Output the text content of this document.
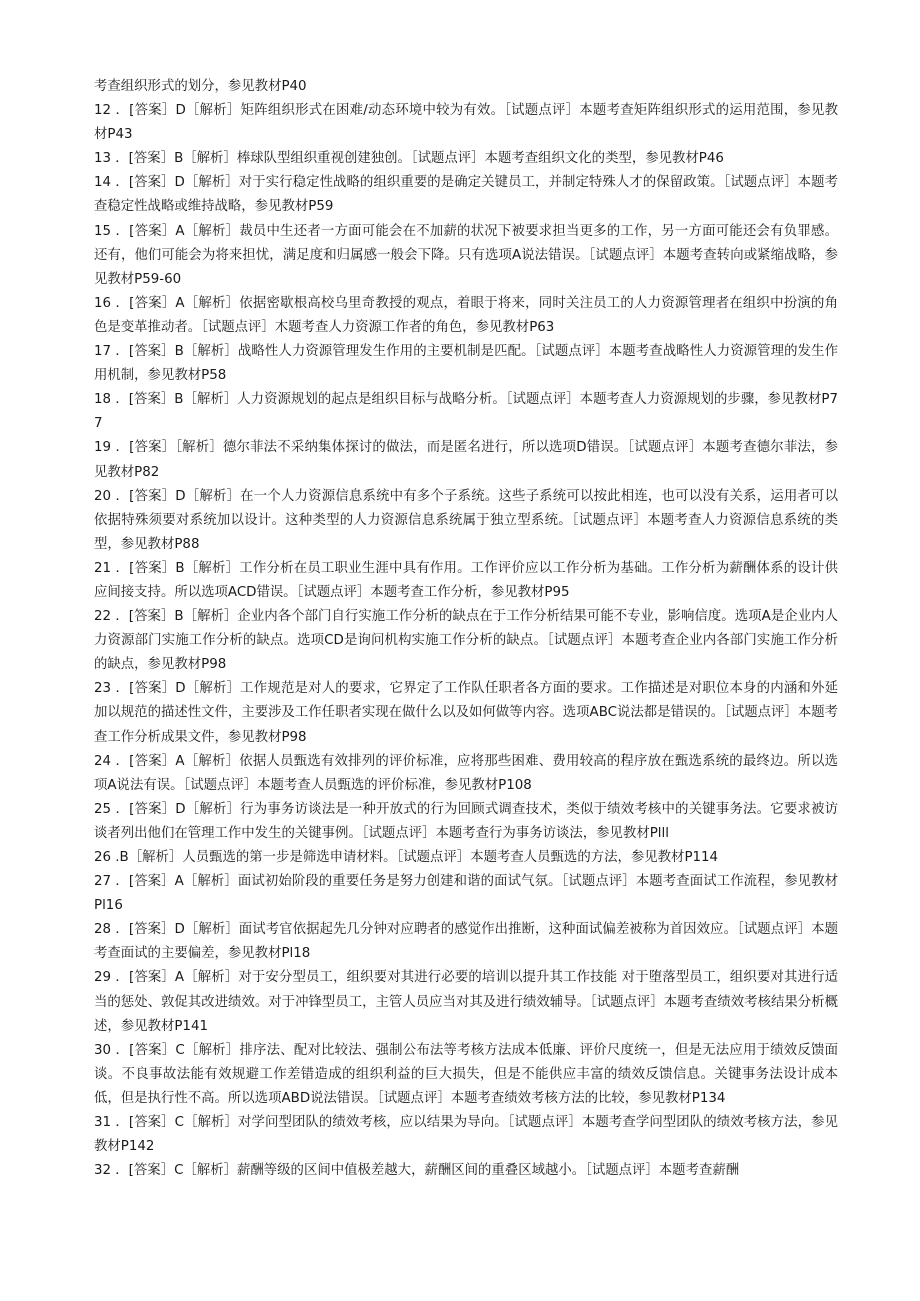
考查组织形式的划分，参见教材P40

12 ．[答案］D［解析］矩阵组织形式在困难/动态环境中较为有效。［试题点评］本题考查矩阵组织形式的运用范围，参见教材P43

13 ．[答案］B［解析］棒球队型组织重视创建独创。［试题点评］本题考查组织文化的类型，参见教材P46

14 ．[答案］D［解析］对于实行稳定性战略的组织重要的是确定关键员工，并制定特殊人才的保留政策。［试题点评］本题考查稳定性战略或维持战略，参见教材P59

15 ．[答案］A［解析］裁员中生还者一方面可能会在不加薪的状况下被要求担当更多的工作，另一方面可能还会有负罪感。还有，他们可能会为将来担忧，满足度和归属感一般会下降。只有选项A说法错误。［试题点评］本题考查转向或紧缩战略，参见教材P59-60

16 ．[答案］A［解析］依据密歇根高校乌里奇教授的观点，着眼于将来，同时关注员工的人力资源管理者在组织中扮演的角色是变革推动者。［试题点评］木题考查人力资源工作者的角色，参见教材P63

17 ．[答案］B［解析］战略性人力资源管理发生作用的主要机制是匹配。［试题点评］本题考查战略性人力资源管理的发生作用机制，参见教材P58

18 ．[答案］B［解析］人力资源规划的起点是组织目标与战略分析。［试题点评］本题考查人力资源规划的步骤，参见教材P77

19 ．[答案］［解析］德尔菲法不采纳集体探讨的做法，而是匿名进行，所以选项D错误。［试题点评］本题考查德尔菲法，参见教材P82

20 ．[答案］D［解析］在一个人力资源信息系统中有多个子系统。这些子系统可以按此相连，也可以没有关系，运用者可以依据特殊须要对系统加以设计。这种类型的人力资源信息系统属于独立型系统。［试题点评］本题考查人力资源信息系统的类型，参见教材P88

21 ．[答案］B［解析］工作分析在员工职业生涯中具有作用。工作评价应以工作分析为基础。工作分析为薪酬体系的设计供应间接支持。所以选项ACD错误。［试题点评］本题考查工作分析，参见教材P95

22 ．[答案］B［解析］企业内各个部门自行实施工作分析的缺点在于工作分析结果可能不专业，影响信度。选项A是企业内人力资源部门实施工作分析的缺点。选项CD是询问机构实施工作分析的缺点。［试题点评］本题考查企业内各部门实施工作分析的缺点，参见教材P98

23 ．[答案］D［解析］工作规范是对人的要求，它界定了工作队任职者各方面的要求。工作描述是对职位本身的内涵和外延加以规范的描述性文件，主要涉及工作任职者实现在做什么以及如何做等内容。选项ABC说法都是错误的。［试题点评］本题考查工作分析成果文件，参见教材P98

24 ．[答案］A［解析］依据人员甄选有效排列的评价标准，应将那些困难、费用较高的程序放在甄选系统的最终边。所以选项A说法有误。［试题点评］本题考查人员甄选的评价标准，参见教材P108

25 ．[答案］D［解析］行为事务访谈法是一种开放式的行为回顾式调查技术，类似于绩效考核中的关键事务法。它要求被访谈者列出他们在管理工作中发生的关键事例。［试题点评］本题考查行为事务访谈法，参见教材Plll

26 .B［解析］人员甄选的第一步是筛选申请材料。［试题点评］本题考查人员甄选的方法，参见教材P114

27 ．[答案］A［解析］面试初始阶段的重要任务是努力创建和谐的面试气氛。［试题点评］本题考查面试工作流程，参见教材Pl16

28 ．[答案］D［解析］面试考官依据起先几分钟对应聘者的感觉作出推断，这种面试偏差被称为首因效应。［试题点评］本题考查面试的主要偏差，参见教材Pl18

29 ．[答案］A［解析］对于安分型员工，组织要对其进行必要的培训以提升其工作技能 对于堕落型员工，组织要对其进行适当的惩处、敦促其改进绩效。对于冲锋型员工，主管人员应当对其及进行绩效辅导。［试题点评］本题考查绩效考核结果分析概述，参见教材P141

30 ．[答案］C［解析］排序法、配对比较法、强制公布法等考核方法成本低廉、评价尺度统一，但是无法应用于绩效反馈面谈。不良事故法能有效规避工作差错造成的组织利益的巨大损失，但是不能供应丰富的绩效反馈信息。关键事务法设计成本低，但是执行性不高。所以选项ABD说法错误。［试题点评］本题考查绩效考核方法的比较，参见教材P134

31 ．[答案］C［解析］对学问型团队的绩效考核，应以结果为导向。［试题点评］本题考查学问型团队的绩效考核方法，参见教材P142

32 ．[答案］C［解析］薪酬等级的区间中值极差越大，薪酬区间的重叠区域越小。［试题点评］本题考查薪酬
